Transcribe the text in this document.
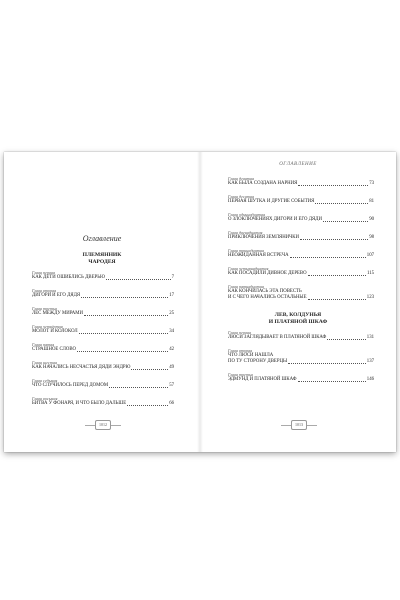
Оглавление
ПЛЕМЯННИК
ЧАРОДЕЯ
Глава первая
КАК ДЕТИ ОШИБЛИСЬ ДВЕРЬЮ	7
Глава вторая
ДИГОРИ И ЕГО ДЯДЯ	17
Глава третья
ЛЕС МЕЖДУ МИРАМИ	25
Глава четвёртая
МОЛОТ И КОЛОКОЛ	34
Глава пятая
СТРАШНОЕ СЛОВО	42
Глава шестая
КАК НАЧАЛИСЬ НЕСЧАСТЬЯ ДЯДИ ЭНДРЮ	49
Глава седьмая
ЧТО СЛУЧИЛОСЬ ПЕРЕД ДОМОМ	57
Глава восьмая
БИТВА У ФОНАРЯ, И ЧТО БЫЛО ДАЛЬШЕ	66
1012
ОГЛАВЛЕНИЕ
Глава девятая
КАК БЫЛА СОЗДАНА НАРНИЯ	73
Глава десятая
ПЕРВАЯ ШУТКА И ДРУГИЕ СОБЫТИЯ	81
Глава одиннадцатая
О ЗЛОКЛЮЧЕНИЯХ ДИГОРИ И ЕГО ДЯДИ	90
Глава двенадцатая
ПРИКЛЮЧЕНИЯ ЗЕМЛЯНИЧКИ	98
Глава тринадцатая
НЕОЖИДАННАЯ ВСТРЕЧА	107
Глава четырнадцатая
КАК ПОСАДИЛИ ДИВНОЕ ДЕРЕВО	115
Глава пятнадцатая
КАК КОНЧИЛАСЬ ЭТА ПОВЕСТЬ
И С ЧЕГО НАЧАЛИСЬ ОСТАЛЬНЫЕ	123
ЛЕВ, КОЛДУНЬЯ
И ПЛАТЯНОЙ ШКАФ
Глава первая
ЛЮСИ ЗАГЛЯДЫВАЕТ В ПЛАТЯНОЙ ШКАФ	131
Глава вторая
ЧТО ЛЮСИ НАШЛА
ПО ТУ СТОРОНУ ДВЕРЦЫ	137
Глава третья
ЭДМУНД И ПЛАТЯНОЙ ШКАФ	146
1013
